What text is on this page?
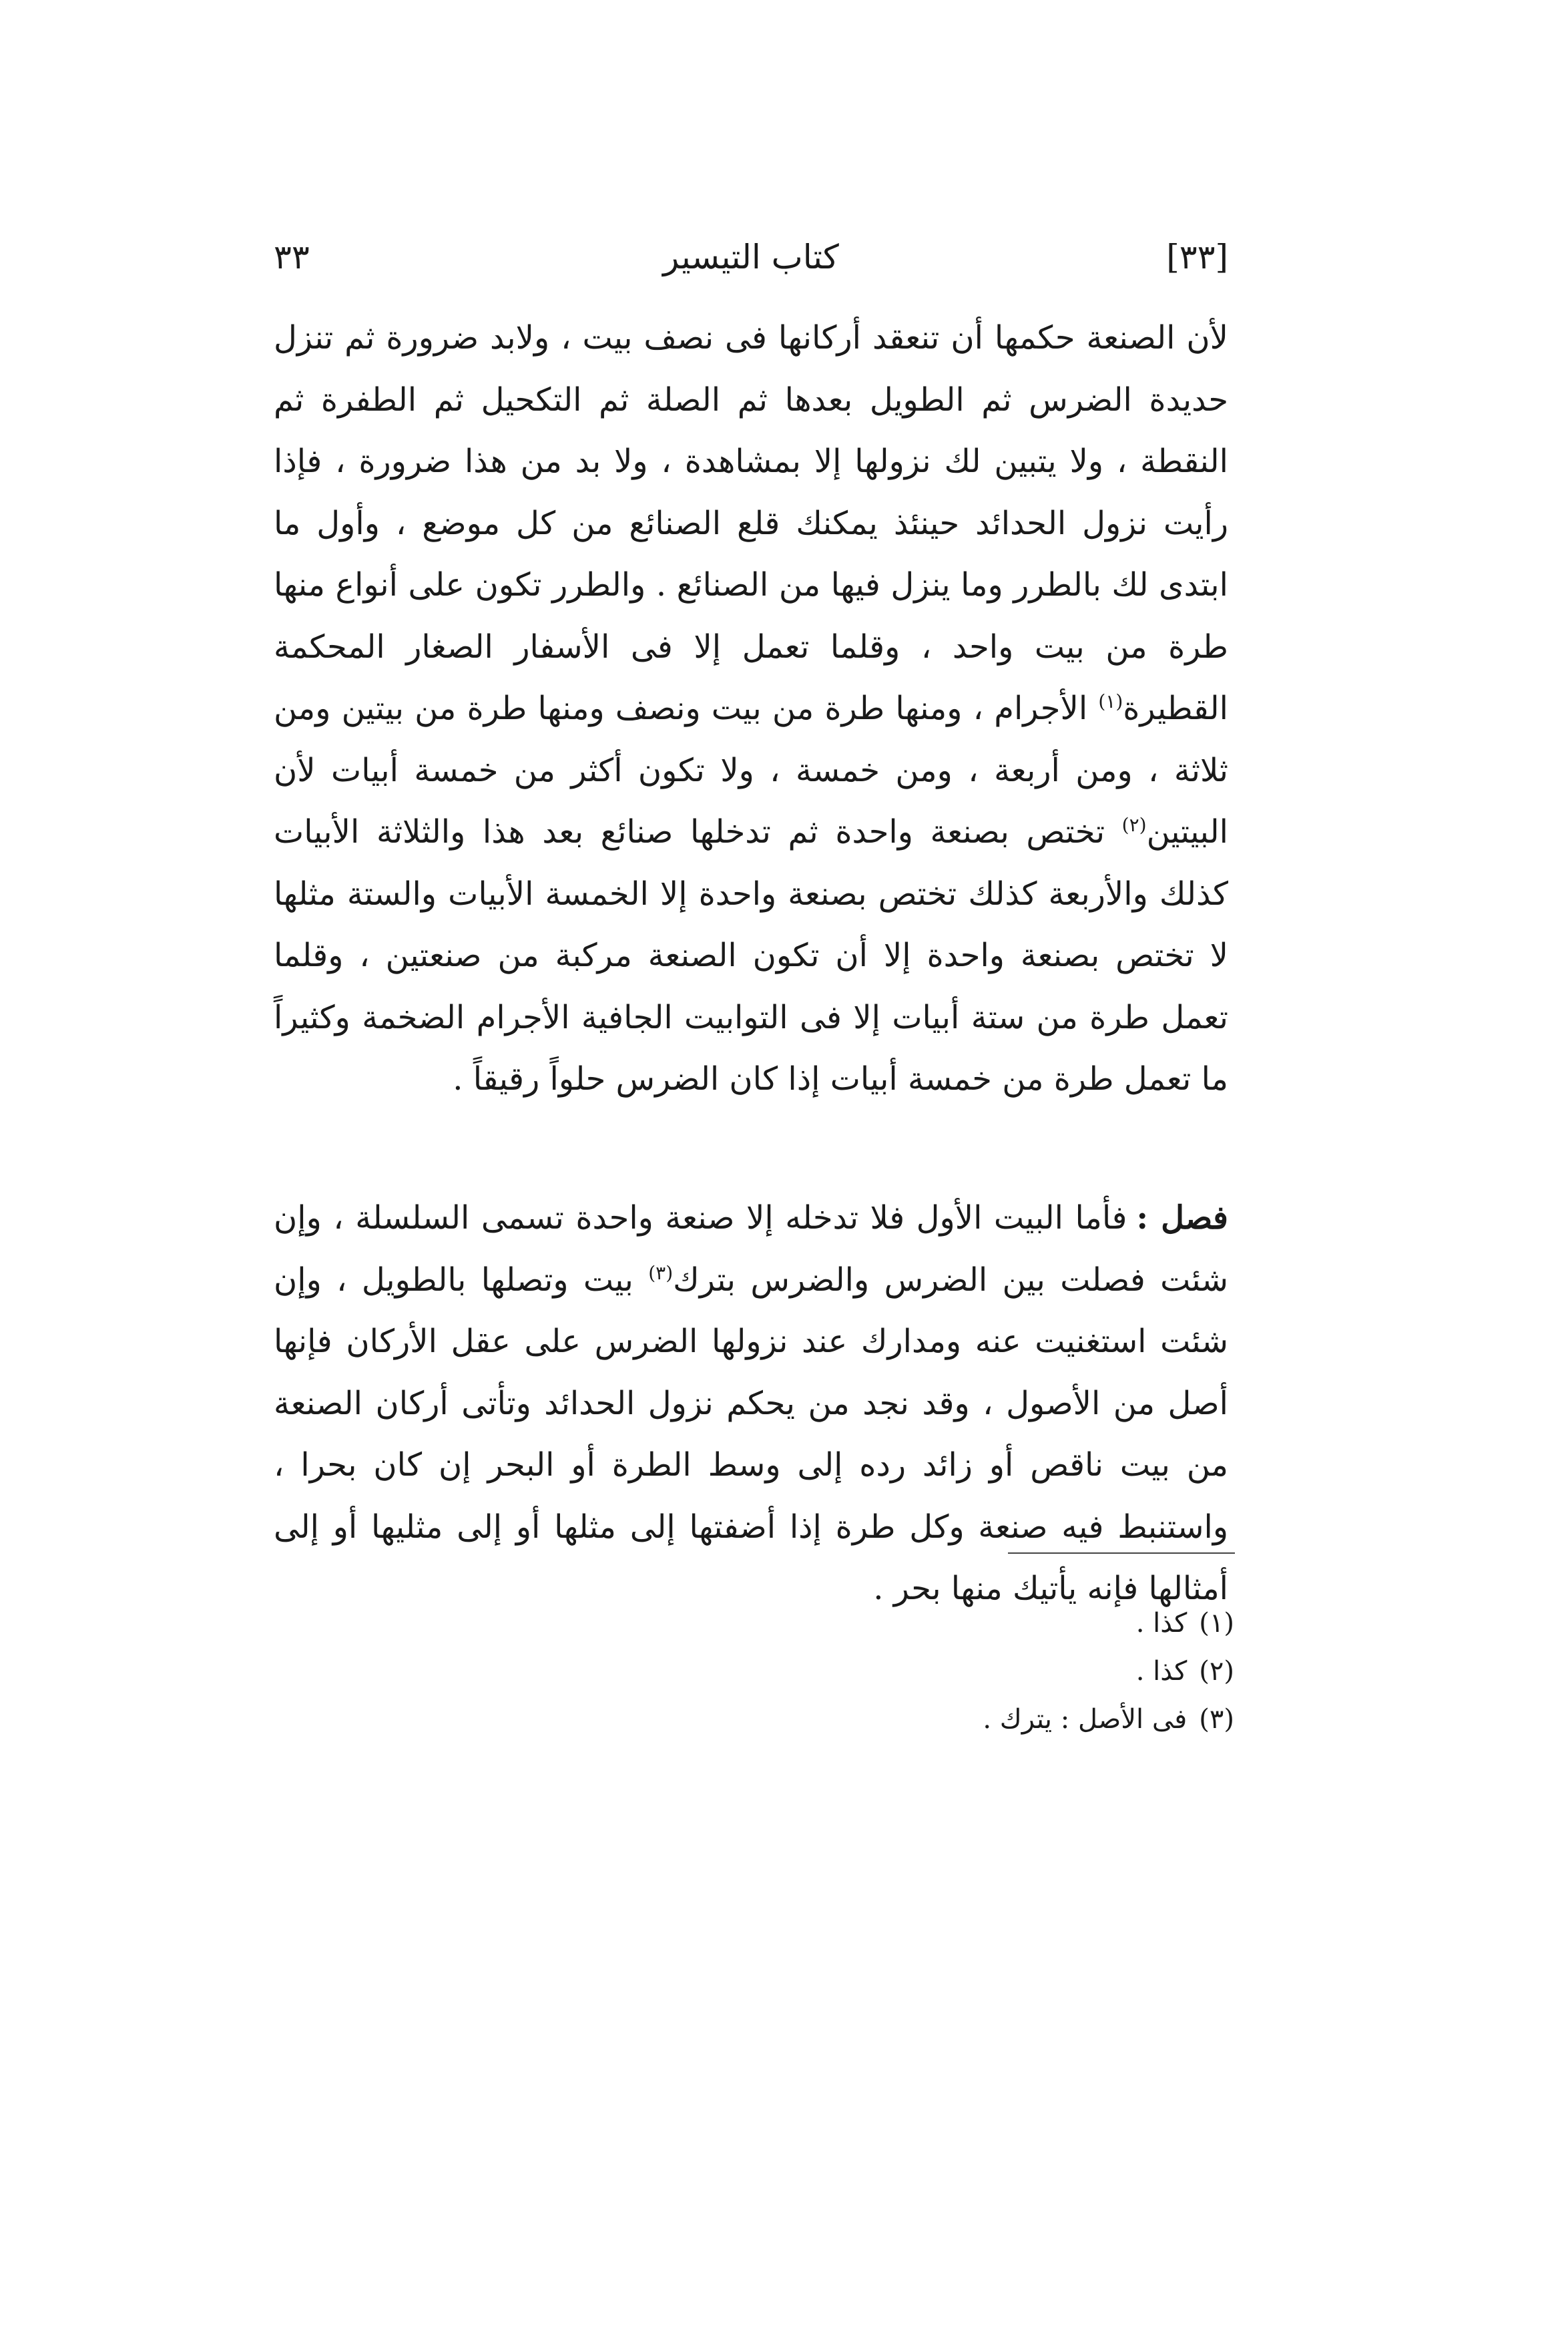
٣٣	كتاب التيسير	[٣٣]

لأن الصنعة حكمها أن تنعقد أركانها فى نصف بيت ، ولابد ضرورة ثم تنزل حديدة الضرس ثم الطويل بعدها ثم الصلة ثم التكحيل ثم الطفرة ثم النقطة ، ولا يتبين لك نزولها إلا بمشاهدة ، ولا بد من هذا ضرورة ، فإذا رأيت نزول الحدائد حينئذ يمكنك قلع الصنائع من كل موضع ، وأول ما ابتدى لك بالطرر وما ينزل فيها من الصنائع . والطرر تكون على أنواع منها طرة من بيت واحد ، وقلما تعمل إلا فى الأسفار الصغار المحكمة القطيرة$^{(١)}$ الأجرام ، ومنها طرة من بيت ونصف ومنها طرة من بيتين ومن ثلاثة ، ومن أربعة ، ومن خمسة ، ولا تكون أكثر من خمسة أبيات لأن البيتين$^{(٢)}$ تختص بصنعة واحدة ثم تدخلها صنائع بعد هذا والثلاثة الأبيات كذلك والأربعة كذلك تختص بصنعة واحدة إلا الخمسة الأبيات والستة مثلها لا تختص بصنعة واحدة إلا أن تكون الصنعة مركبة من صنعتين ، وقلما تعمل طرة من ستة أبيات إلا فى التوابيت الجافية الأجرام الضخمة وكثيراً ما تعمل طرة من خمسة أبيات إذا كان الضرس حلواً رقيقاً .

فصل :فأما البيت الأول فلا تدخله إلا صنعة واحدة تسمى السلسلة ، وإن شئت فصلت بين الضرس والضرس بترك$^{(٣)}$ بيت وتصلها بالطويل ، وإن شئت استغنيت عنه ومدارك عند نزولها الضرس على عقل الأركان فإنها أصل من الأصول ، وقد نجد من يحكم نزول الحدائد وتأتى أركان الصنعة من بيت ناقص أو زائد رده إلى وسط الطرة أو البحر إن كان بحرا ، واستنبط فيه صنعة وكل طرة إذا أضفتها إلى مثلها أو إلى مثليها أو إلى أمثالها فإنه يأتيك منها بحر .

(١)كذا .
(٢)كذا .
(٣)فى الأصل : يترك .
